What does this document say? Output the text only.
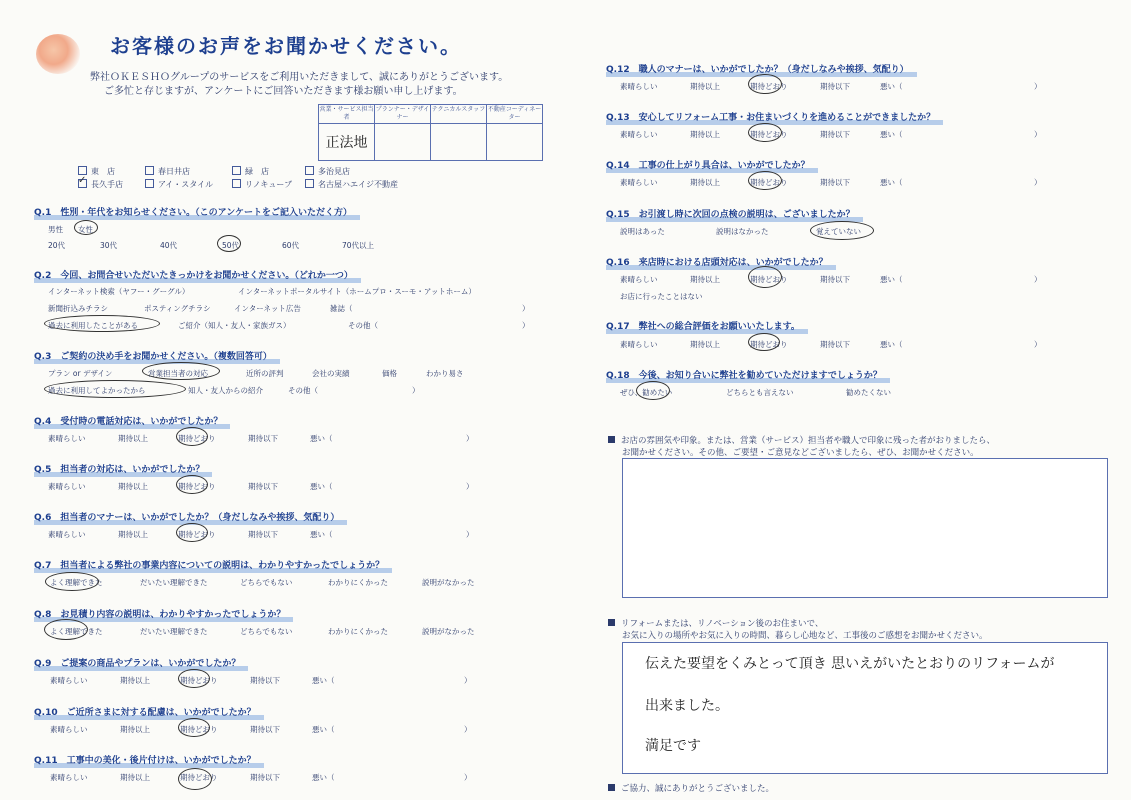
お客様のお声をお聞かせください。
弊社ＯＫＥＳＨＯグループのサービスをご利用いただきまして、誠にありがとうございます。
ご多忙と存じますが、アンケートにご回答いただきます様お願い申し上げます。
営業・サービス担当者	プランナー・デザイナー	テクニカルスタッフ	不動産コーディネーター
正法地			
東　店	春日井店	緑　店	多治見店
✓長久手店	アイ・スタイル	リノキューブ	名古屋ハエイジ不動産
Q.1　性別・年代をお知らせください。（このアンケートをご記入いただく方）
男性 女性
20代	30代	40代	50代	60代	70代以上
Q.2　今回、お問合せいただいたきっかけをお聞かせください。（どれか一つ）
インターネット検索（ヤフー・グーグル）	インターネットポータルサイト（ホームプロ・スーモ・アットホーム）
新聞折込みチラシ	ポスティングチラシ	インターネット広告	雑誌（	）
過去に利用したことがある	ご紹介（知人・友人・家族ガス）	その他（	）
Q.3　ご契約の決め手をお聞かせください。（複数回答可）
プラン or デザイン	営業担当者の対応	近所の評判	会社の実績	価格	わかり易さ
過去に利用してよかったから	知人・友人からの紹介	その他（	）
Q.4　受付時の電話対応は、いかがでしたか？
素晴らしい	期待以上	期待どおり	期待以下	悪い（	）
Q.5　担当者の対応は、いかがでしたか？
素晴らしい	期待以上	期待どおり	期待以下	悪い（	）
Q.6　担当者のマナーは、いかがでしたか？（身だしなみや挨拶、気配り）
素晴らしい	期待以上	期待どおり	期待以下	悪い（	）
Q.7　担当者による弊社の事業内容についての説明は、わかりやすかったでしょうか？
よく理解できた	だいたい理解できた	どちらでもない	わかりにくかった	説明がなかった
Q.8　お見積り内容の説明は、わかりやすかったでしょうか？
よく理解できた	だいたい理解できた	どちらでもない	わかりにくかった	説明がなかった
Q.9　ご提案の商品やプランは、いかがでしたか？
素晴らしい	期待以上	期待どおり	期待以下	悪い（	）
Q.10　ご近所さまに対する配慮は、いかがでしたか？
素晴らしい	期待以上	期待どおり	期待以下	悪い（	）
Q.11　工事中の美化・後片付けは、いかがでしたか？
素晴らしい	期待以上	期待どおり	期待以下	悪い（	）
Q.12　職人のマナーは、いかがでしたか？（身だしなみや挨拶、気配り）
素晴らしい	期待以上	期待どおり	期待以下	悪い（	）
Q.13　安心してリフォーム工事・お住まいづくりを進めることができましたか？
素晴らしい	期待以上	期待どおり	期待以下	悪い（	）
Q.14　工事の仕上がり具合は、いかがでしたか？
素晴らしい	期待以上	期待どおり	期待以下	悪い（	）
Q.15　お引渡し時に次回の点検の説明は、ございましたか？
説明はあった	説明はなかった	覚えていない
Q.16　来店時における店頭対応は、いかがでしたか？
素晴らしい	期待以上	期待どおり	期待以下	悪い（	）
お店に行ったことはない
Q.17　弊社への総合評価をお願いいたします。
素晴らしい	期待以上	期待どおり	期待以下	悪い（	）
Q.18　今後、お知り合いに弊社を勧めていただけますでしょうか？
ぜひ、勧めたい	どちらとも言えない	勧めたくない
お店の雰囲気や印象。または、営業（サービス）担当者や職人で印象に残った者がおりましたら、
お聞かせください。その他、ご要望・ご意見などございましたら、ぜひ、お聞かせください。
リフォームまたは、リノベーション後のお住まいで、
お気に入りの場所やお気に入りの時間、暮らし心地など、工事後のご感想をお聞かせください。
伝えた要望をくみとって頂き 思いえがいたとおりのリフォームが
出来ました。
満足です
ご協力、誠にありがとうございました。
